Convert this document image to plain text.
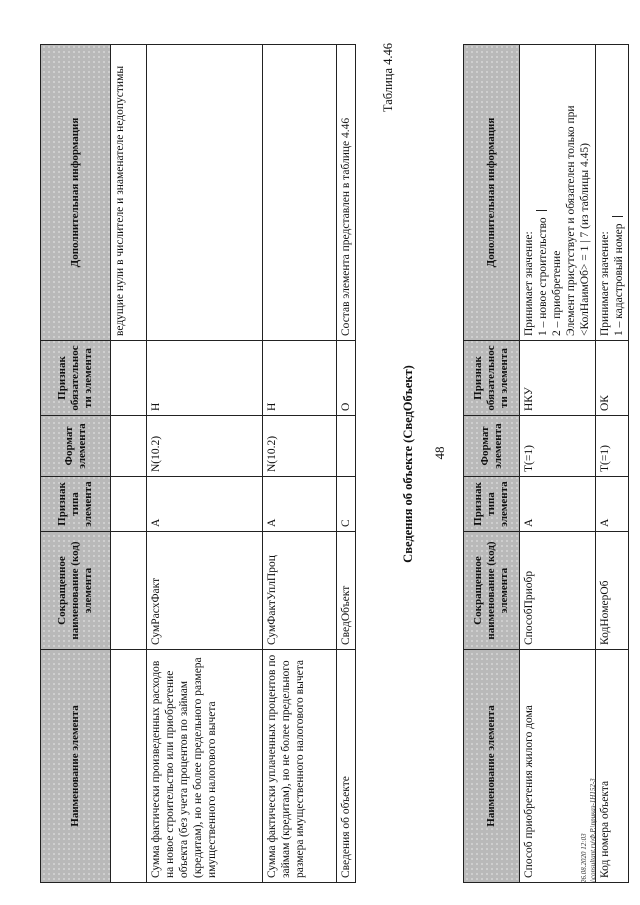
48
Наименование элемента	Сокращенное наименование (код) элемента	Признак типа элемента	Формат элемента	Признак обязательности элемента	Дополнительная информация
					ведущие нули в числителе и знаменателе недопустимы
Сумма фактически произведенных расходов на новое строительство или приобретение объекта (без учета процентов по займам (кредитам), но не более предельного размера имущественного налогового вычета	СумРасхФакт	А	N(10.2)	Н	
Сумма фактически уплаченных процентов по займам (кредитам), но не более предельного размера имущественного налогового вычета	СумФактУплПроц	А	N(10.2)	Н	
Сведения об объекте	СведОбъект	С		О	Состав элемента представлен в таблице 4.46
Таблица 4.46
Сведения об объекте (СведОбъект)
Наименование элемента	Сокращенное наименование (код) элемента	Признак типа элемента	Формат элемента	Признак обязательности элемента	Дополнительная информация
Способ приобретения жилого дома	СпособПриобр	А	Т(=1)	НКУ	Принимает значение: 1 – новое строительство 2 – приобретение Элемент присутствует и обязателен только при <КолНаимОб> = 1 | 7 (из таблицы 4.45)

Код номера объекта	КодНомерОб	А	Т(=1)	ОК	Принимает значение: 1 – кадастровый номер
26.08.2020 12:03 \\consultant.ru\Ф.Р.\приказ-1H152-3
